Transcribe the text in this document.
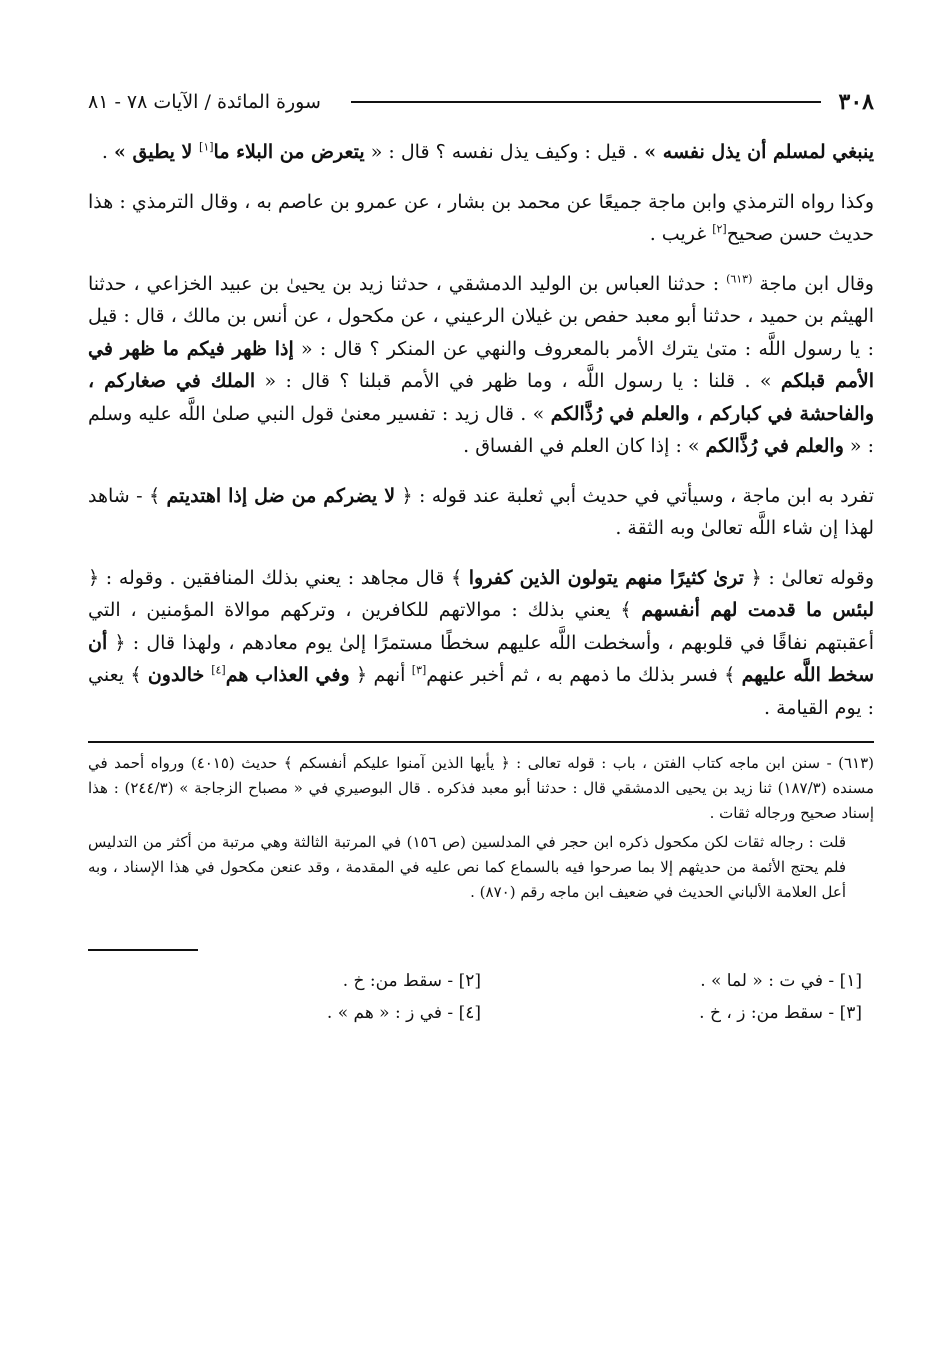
٣٠٨
سورة المائدة / الآيات ٧٨ - ٨١

ينبغي لمسلم أن يذل نفسه » . قيل : وكيف يذل نفسه ؟ قال : « يتعرض من البلاء ما[١] لا يطيق » .

وكذا رواه الترمذي وابن ماجة جميعًا عن محمد بن بشار ، عن عمرو بن عاصم به ، وقال الترمذي : هذا حديث حسن صحيح[٢] غريب .

وقال ابن ماجة $^{(٦١٣)}$ : حدثنا العباس بن الوليد الدمشقي ، حدثنا زيد بن يحيىٰ بن عبيد الخزاعي ، حدثنا الهيثم بن حميد ، حدثنا أبو معبد حفص بن غيلان الرعيني ، عن مكحول ، عن أنس بن مالك ، قال : قيل : يا رسول اللَّه : متىٰ يترك الأمر بالمعروف والنهي عن المنكر ؟ قال : « إذا ظهر فيكم ما ظهر في الأمم قبلكم » . قلنا : يا رسول اللَّه ، وما ظهر في الأمم قبلنا ؟ قال : « الملك في صغاركم ، والفاحشة في كباركم ، والعلم في رُذَّالكم » . قال زيد : تفسير معنىٰ قول النبي صلىٰ اللَّه عليه وسلم : « والعلم في رُذَّالكم » : إذا كان العلم في الفساق .

تفرد به ابن ماجة ، وسيأتي في حديث أبي ثعلبة عند قوله : ﴿ لا يضركم من ضل إذا اهتديتم ﴾ - شاهد لهذا إن شاء اللَّه تعالىٰ وبه الثقة .

وقوله تعالىٰ : ﴿ ترىٰ كثيرًا منهم يتولون الذين كفروا ﴾ قال مجاهد : يعني بذلك المنافقين . وقوله : ﴿ لبئس ما قدمت لهم أنفسهم ﴾ يعني بذلك : موالاتهم للكافرين ، وتركهم موالاة المؤمنين ، التي أعقبتهم نفاقًا في قلوبهم ، وأسخطت اللَّه عليهم سخطًا مستمرًا إلىٰ يوم معادهم ، ولهذا قال : ﴿ أن سخط اللَّه عليهم ﴾ فسر بذلك ما ذمهم به ، ثم أخبر عنهم[٣] أنهم ﴿ وفي العذاب هم[٤] خالدون ﴾ يعني : يوم القيامة .

(٦١٣) - سنن ابن ماجه كتاب الفتن ، باب : قوله تعالى : ﴿ يأيها الذين آمنوا عليكم أنفسكم ﴾ حديث (٤٠١٥) ورواه أحمد في مسنده (١٨٧/٣) ثنا زيد بن يحيى الدمشقي قال : حدثنا أبو معبد فذكره . قال البوصيري في « مصباح الزجاجة » (٢٤٤/٣) : هذا إسناد صحيح ورجاله ثقات .

قلت : رجاله ثقات لكن مكحول ذكره ابن حجر في المدلسين (ص ١٥٦) في المرتبة الثالثة وهي مرتبة من أكثر من التدليس فلم يحتج الأئمة من حديثهم إلا بما صرحوا فيه بالسماع كما نص عليه في المقدمة ، وقد عنعن مكحول في هذا الإسناد ، وبه أعل العلامة الألباني الحديث في ضعيف ابن ماجه رقم (٨٧٠) .

[١] - في ت : « لما » .
[٢] - سقط من: خ .
[٣] - سقط من: ز ، خ .
[٤] - في ز : « هم » .
